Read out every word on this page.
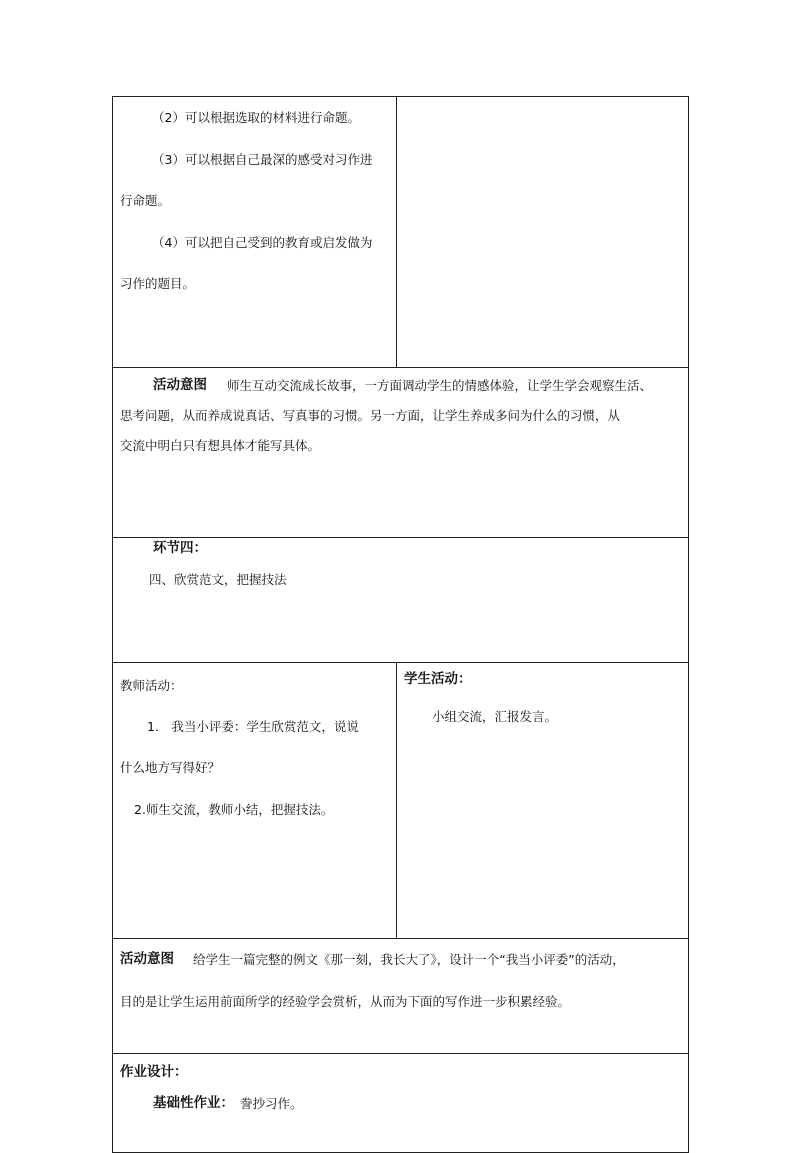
（2）可以根据选取的材料进行命题。
（3）可以根据自己最深的感受对习作进
行命题。
（4）可以把自己受到的教育或启发做为
习作的题目。
活动意图 师生互动交流成长故事，一方面调动学生的情感体验，让学生学会观察生活、
思考问题，从而养成说真话、写真事的习惯。另一方面，让学生养成多问为什么的习惯，从
交流中明白只有想具体才能写具体。
环节四：
四、欣赏范文，把握技法
教师活动：
1.　我当小评委：学生欣赏范文，说说
什么地方写得好？
2.师生交流，教师小结，把握技法。
学生活动：
小组交流，汇报发言。
活动意图 给学生一篇完整的例文《那一刻，我长大了》，设计一个“我当小评委”的活动，
目的是让学生运用前面所学的经验学会赏析，从而为下面的写作进一步积累经验。
作业设计：
基础性作业： 誊抄习作。
